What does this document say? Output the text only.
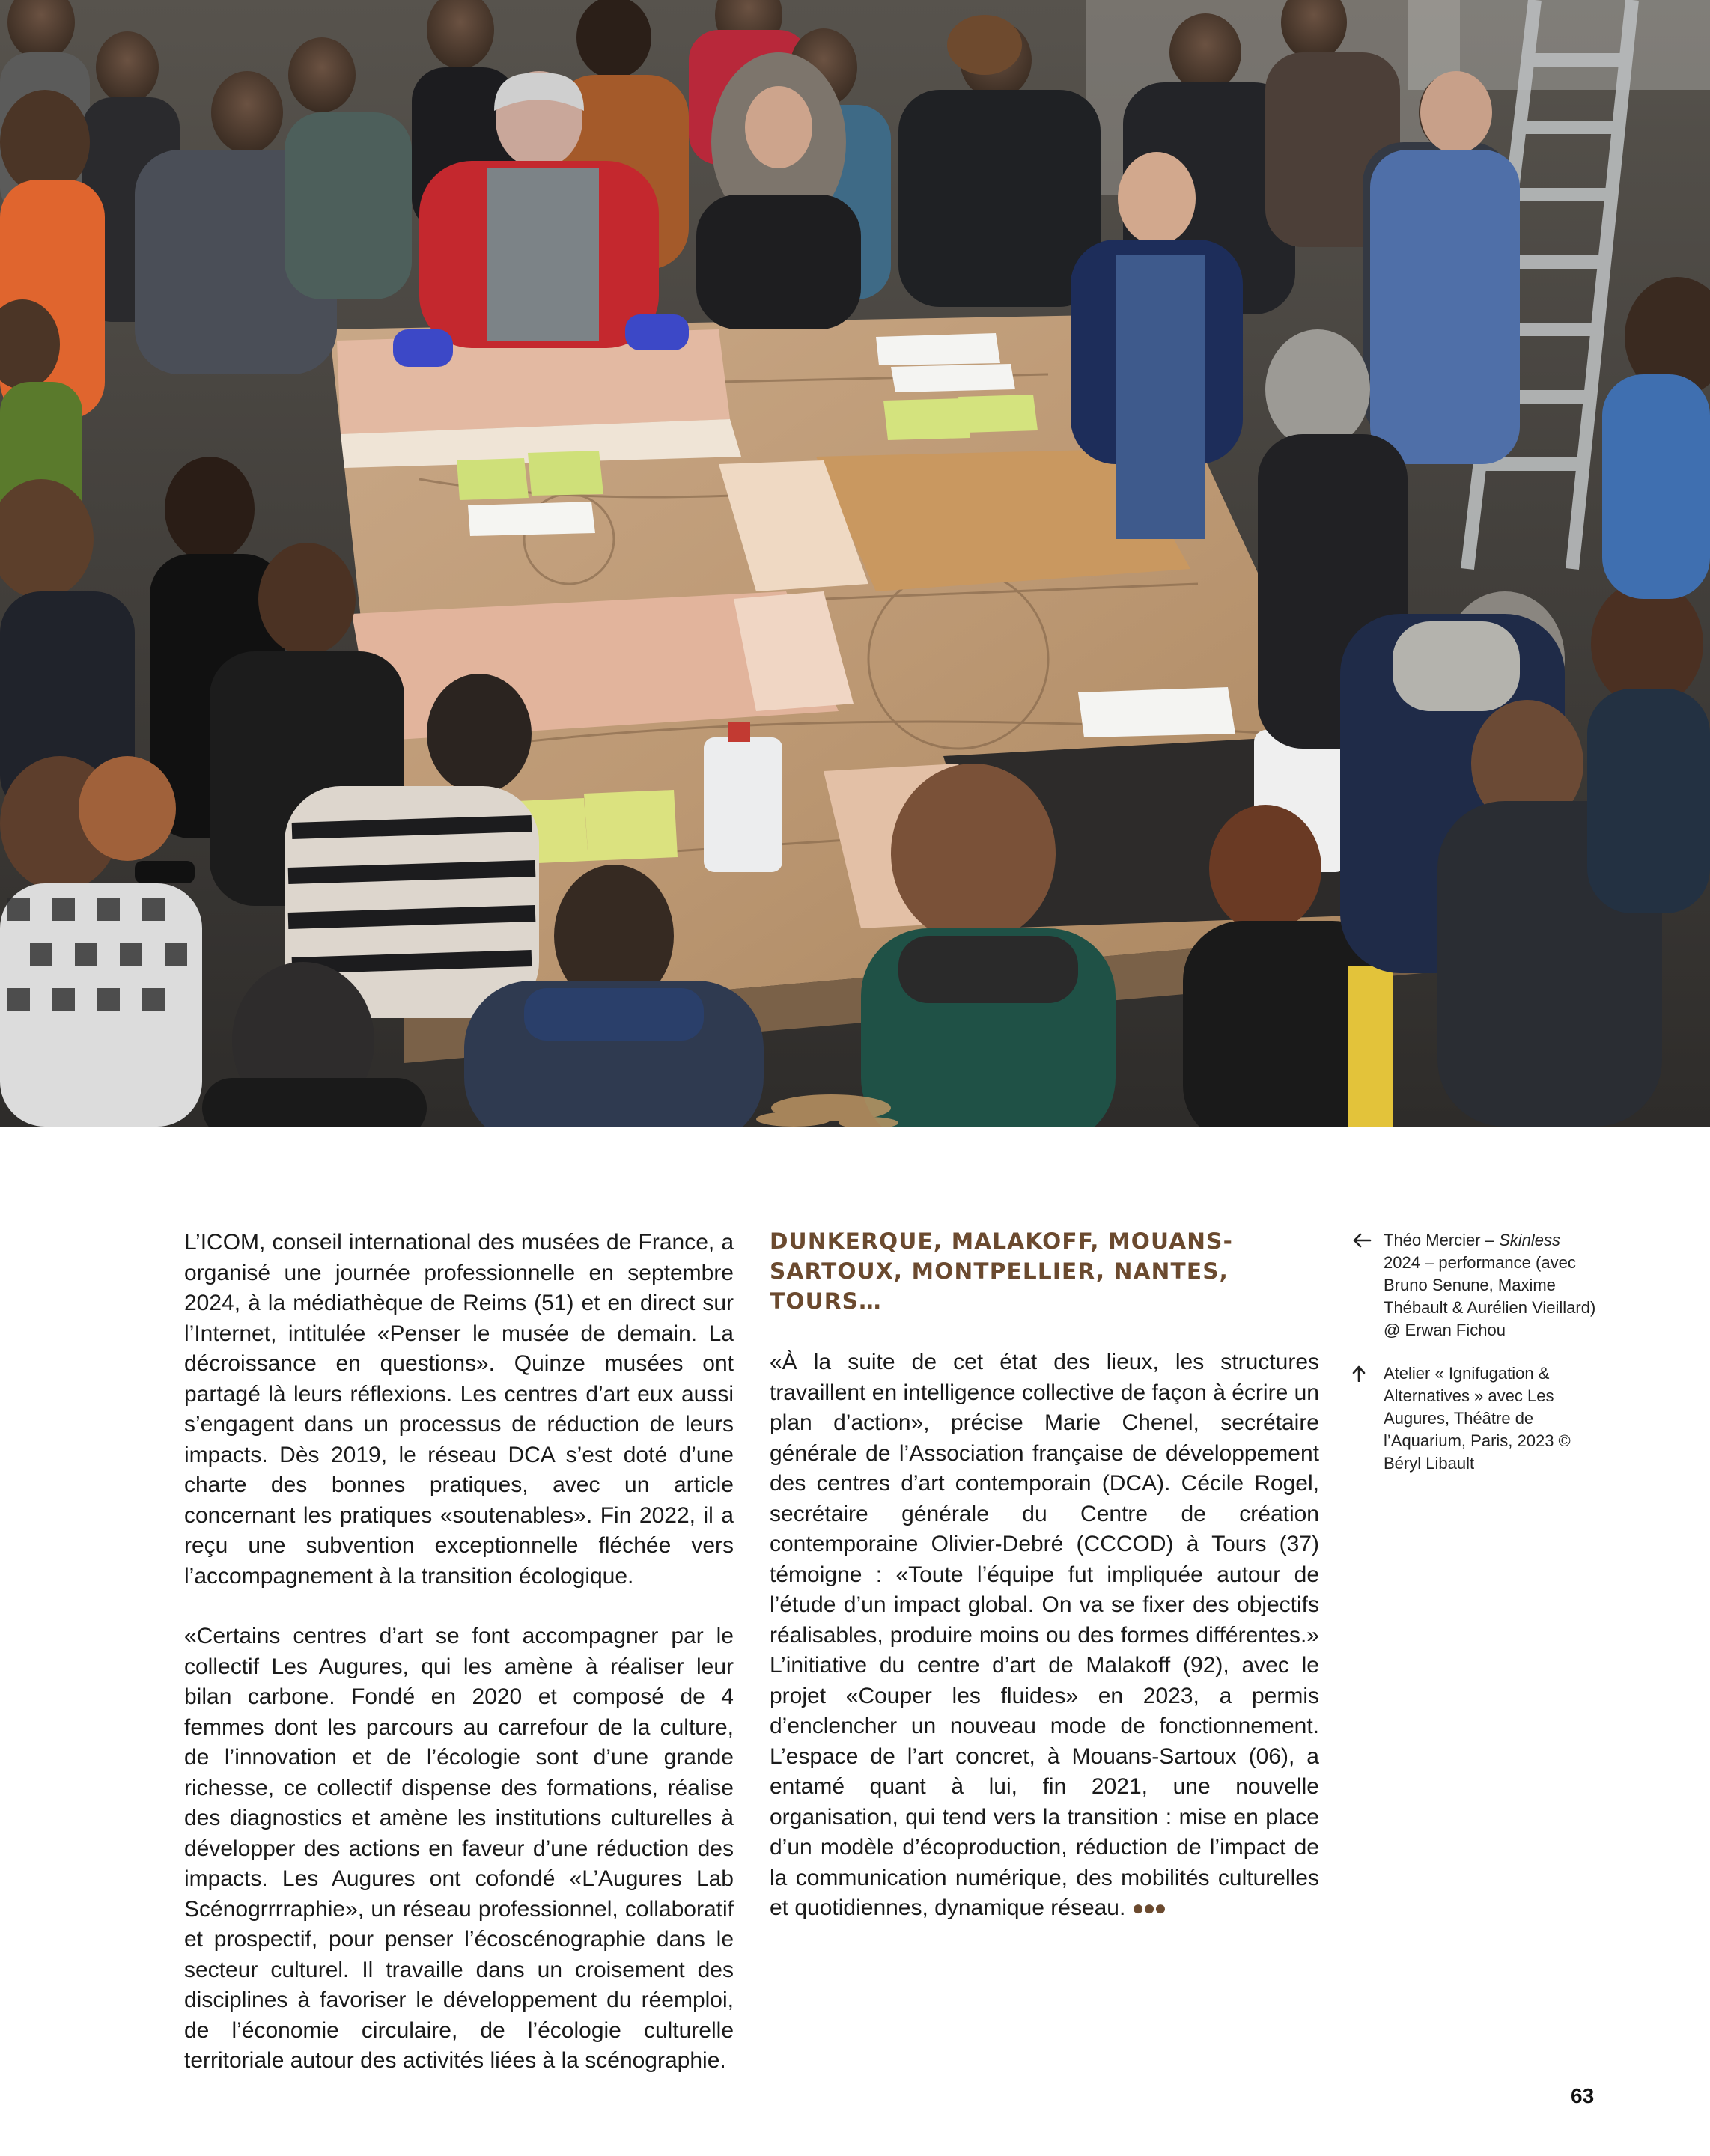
L’ICOM, conseil international des musées de France, a organisé une journée professionnelle en septembre 2024, à la médiathèque de Reims (51) et en direct sur l’Internet, intitulée «Penser le musée de demain. La décroissance en questions». Quinze musées ont partagé là leurs réflexions. Les centres d’art eux aussi s’engagent dans un processus de réduction de leurs impacts. Dès 2019, le réseau DCA s’est doté d’une charte des bonnes pratiques, avec un article concernant les pratiques «soutenables». Fin 2022, il a reçu une subvention exceptionnelle fléchée vers l’accompagnement à la transition écologique.

«Certains centres d’art se font accompagner par le collectif Les Augures, qui les amène à réaliser leur bilan carbone. Fondé en 2020 et composé de 4 femmes dont les parcours au carrefour de la culture, de l’innovation et de l’écologie sont d’une grande richesse, ce collectif dispense des formations, réalise des diagnostics et amène les institutions culturelles à développer des actions en faveur d’une réduction des impacts. Les Augures ont cofondé «L’Augures Lab Scénogrrrraphie», un réseau professionnel, collaboratif et prospectif, pour penser l’écoscénographie dans le secteur culturel. Il travaille dans un croisement des disciplines à favoriser le développement du réemploi, de l’économie circulaire, de l’écologie culturelle territoriale autour des activités liées à la scénographie.

DUNKERQUE, MALAKOFF, MOUANS-SARTOUX, MONTPELLIER, NANTES, TOURS…

«À la suite de cet état des lieux, les structures travaillent en intelligence collective de façon à écrire un plan d’action», précise Marie Chenel, secrétaire générale de l’Association française de développement des centres d’art contemporain (DCA). Cécile Rogel, secrétaire générale du Centre de création contemporaine Olivier-Debré (CCCOD) à Tours (37) témoigne : «Toute l’équipe fut impliquée autour de l’étude d’un impact global. On va se fixer des objectifs réalisables, produire moins ou des formes différentes.» L’initiative du centre d’art de Malakoff (92), avec le projet «Couper les fluides» en 2023, a permis d’enclencher un nouveau mode de fonctionnement. L’espace de l’art concret, à Mouans-Sartoux (06), a entamé quant à lui, fin 2021, une nouvelle organisation, qui tend vers la transition : mise en place d’un modèle d’écoproduction, réduction de l’impact de la communication numérique, des mobilités culturelles et quotidiennes, dynamique réseau. ●●●

Théo Mercier – Skinless 2024 – performance (avec Bruno Senune, Maxime Thébault & Aurélien Vieillard) @ Erwan Fichou
Atelier « Ignifugation & Alternatives » avec Les Augures, Théâtre de l’Aquarium, Paris, 2023 © Béryl Libault
63
